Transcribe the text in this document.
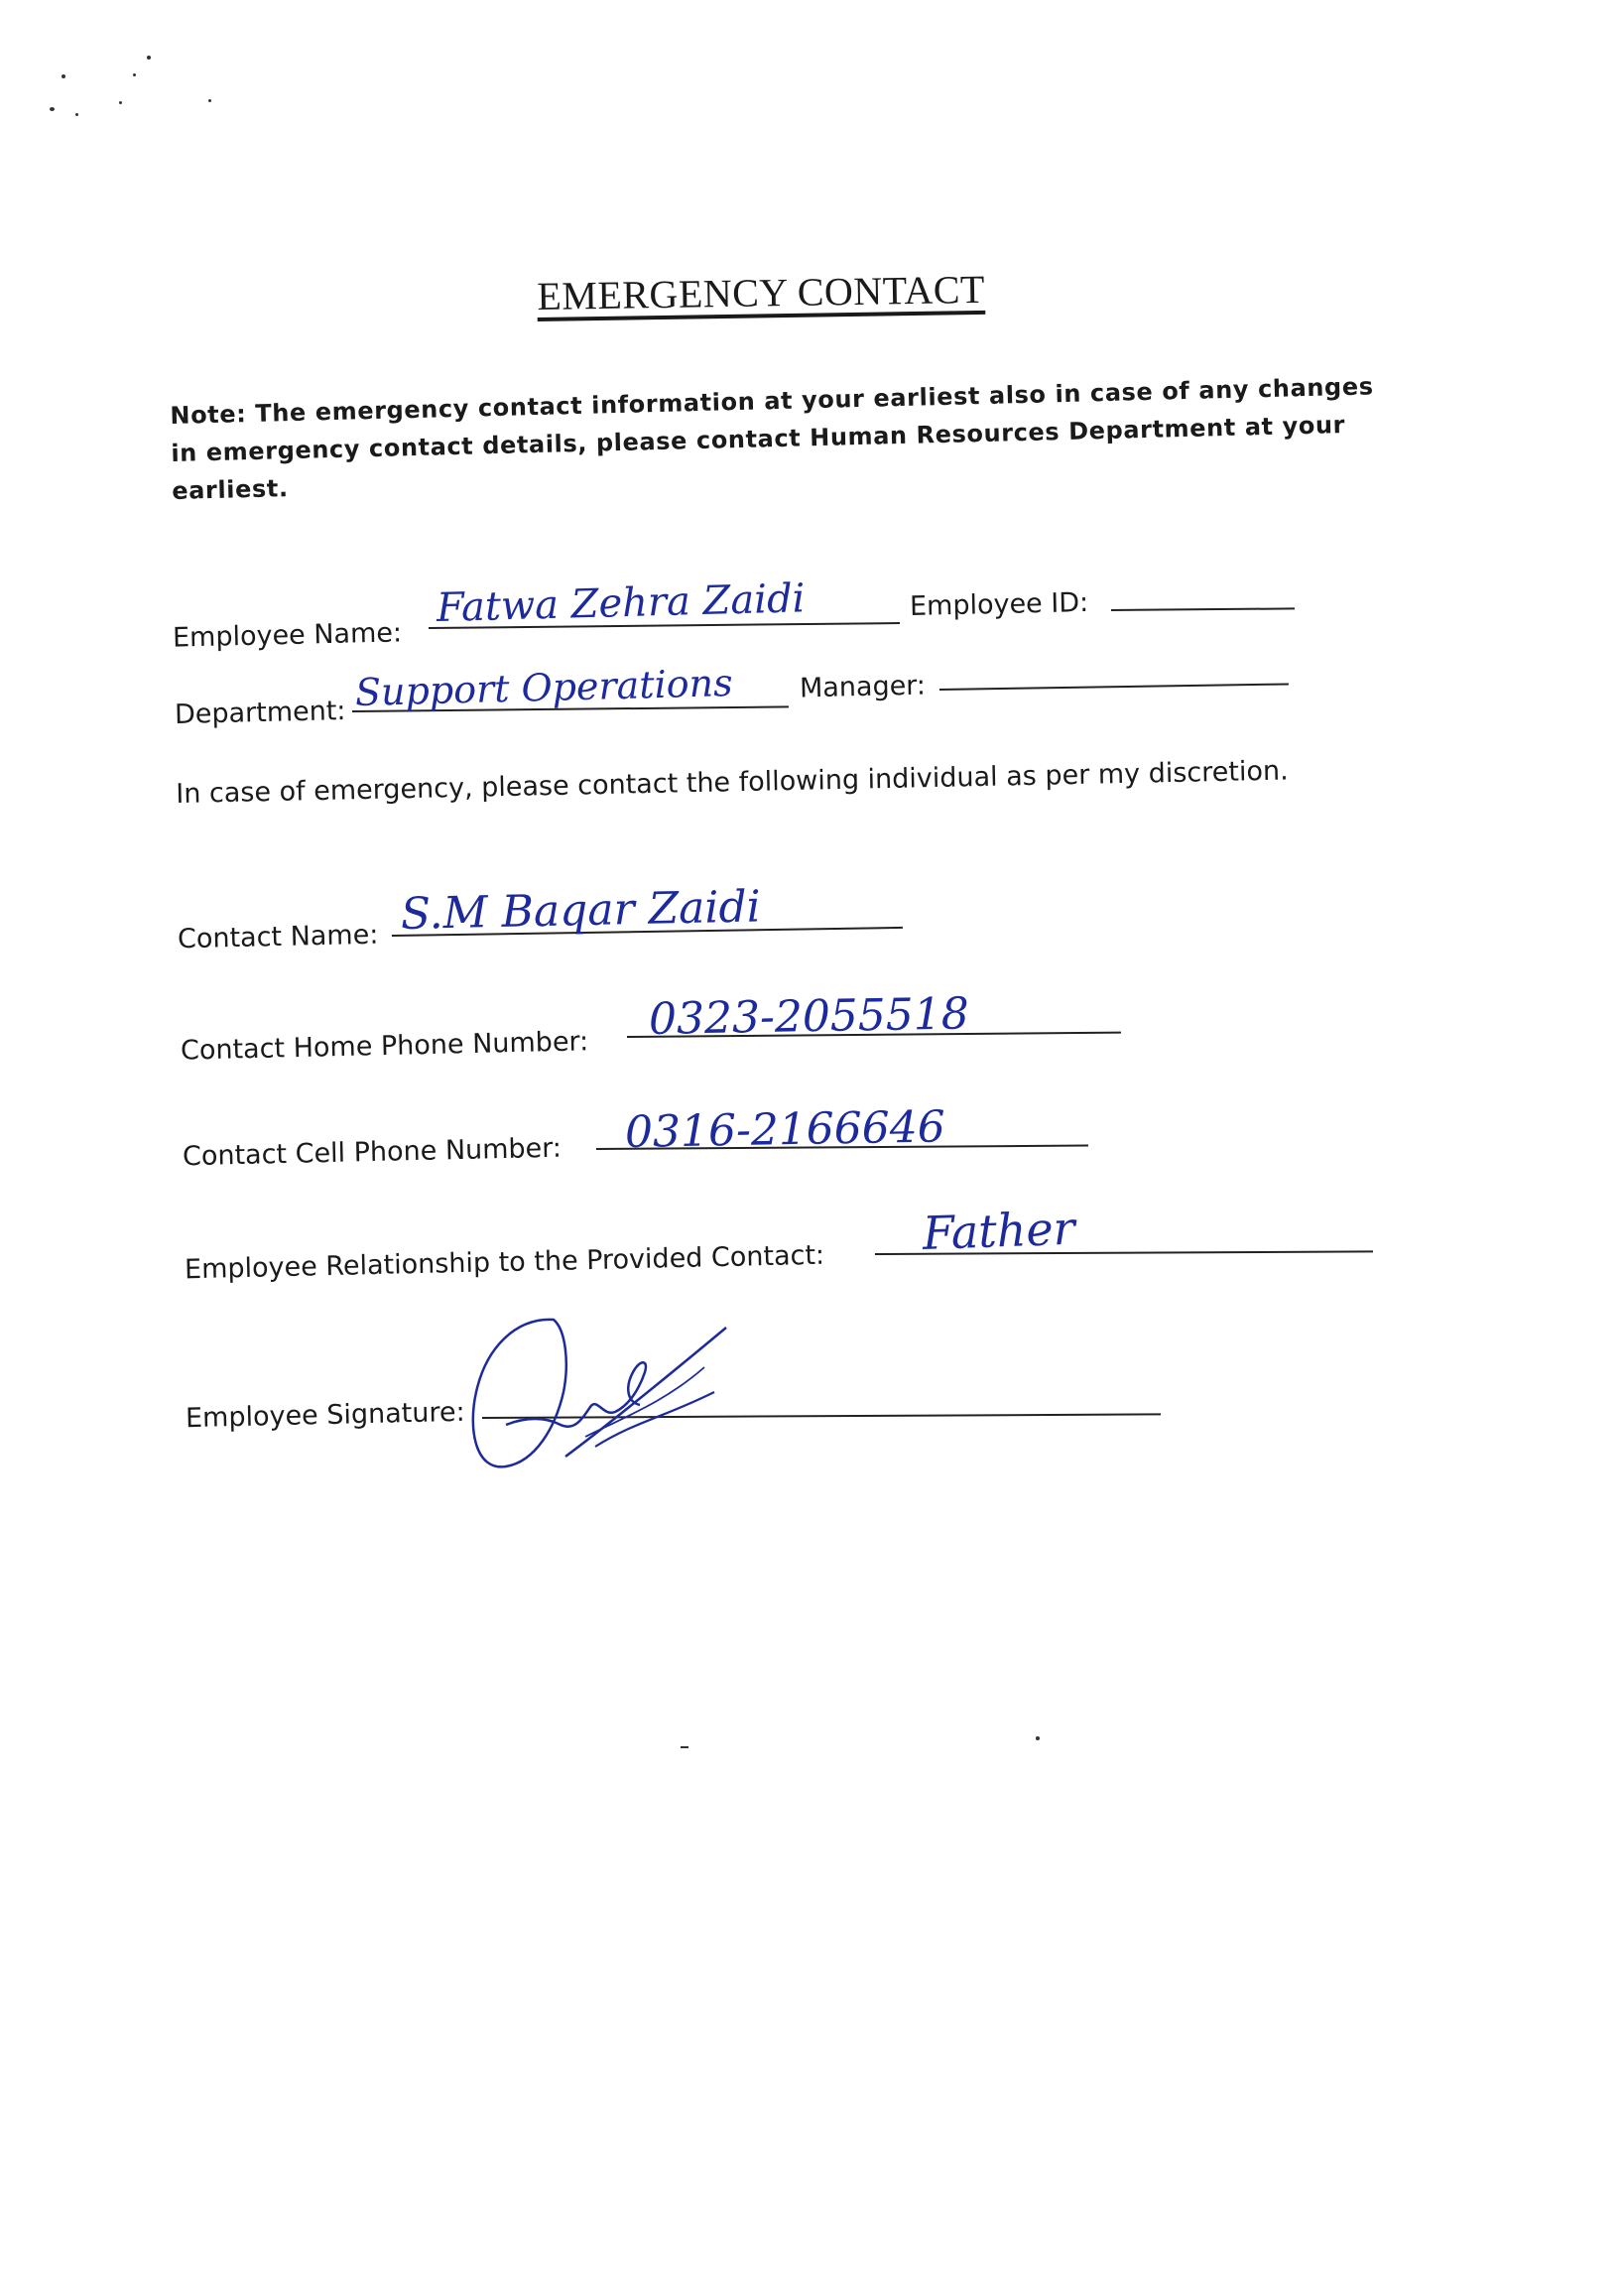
EMERGENCY CONTACT
Note: The emergency contact information at your earliest also in case of any changes in emergency contact details, please contact Human Resources Department at your earliest.
Employee Name:
Fatwa Zehra Zaidi	Employee ID:
Department: Support Operations Manager:
In case of emergency, please contact the following individual as per my discretion.
Contact Name: S.M Baqar Zaidi
Contact Home Phone Number:
0323-2055518
Contact Cell Phone Number: 0316-2166646
Employee Relationship to the Provided Contact:
Father
Employee Signature:
